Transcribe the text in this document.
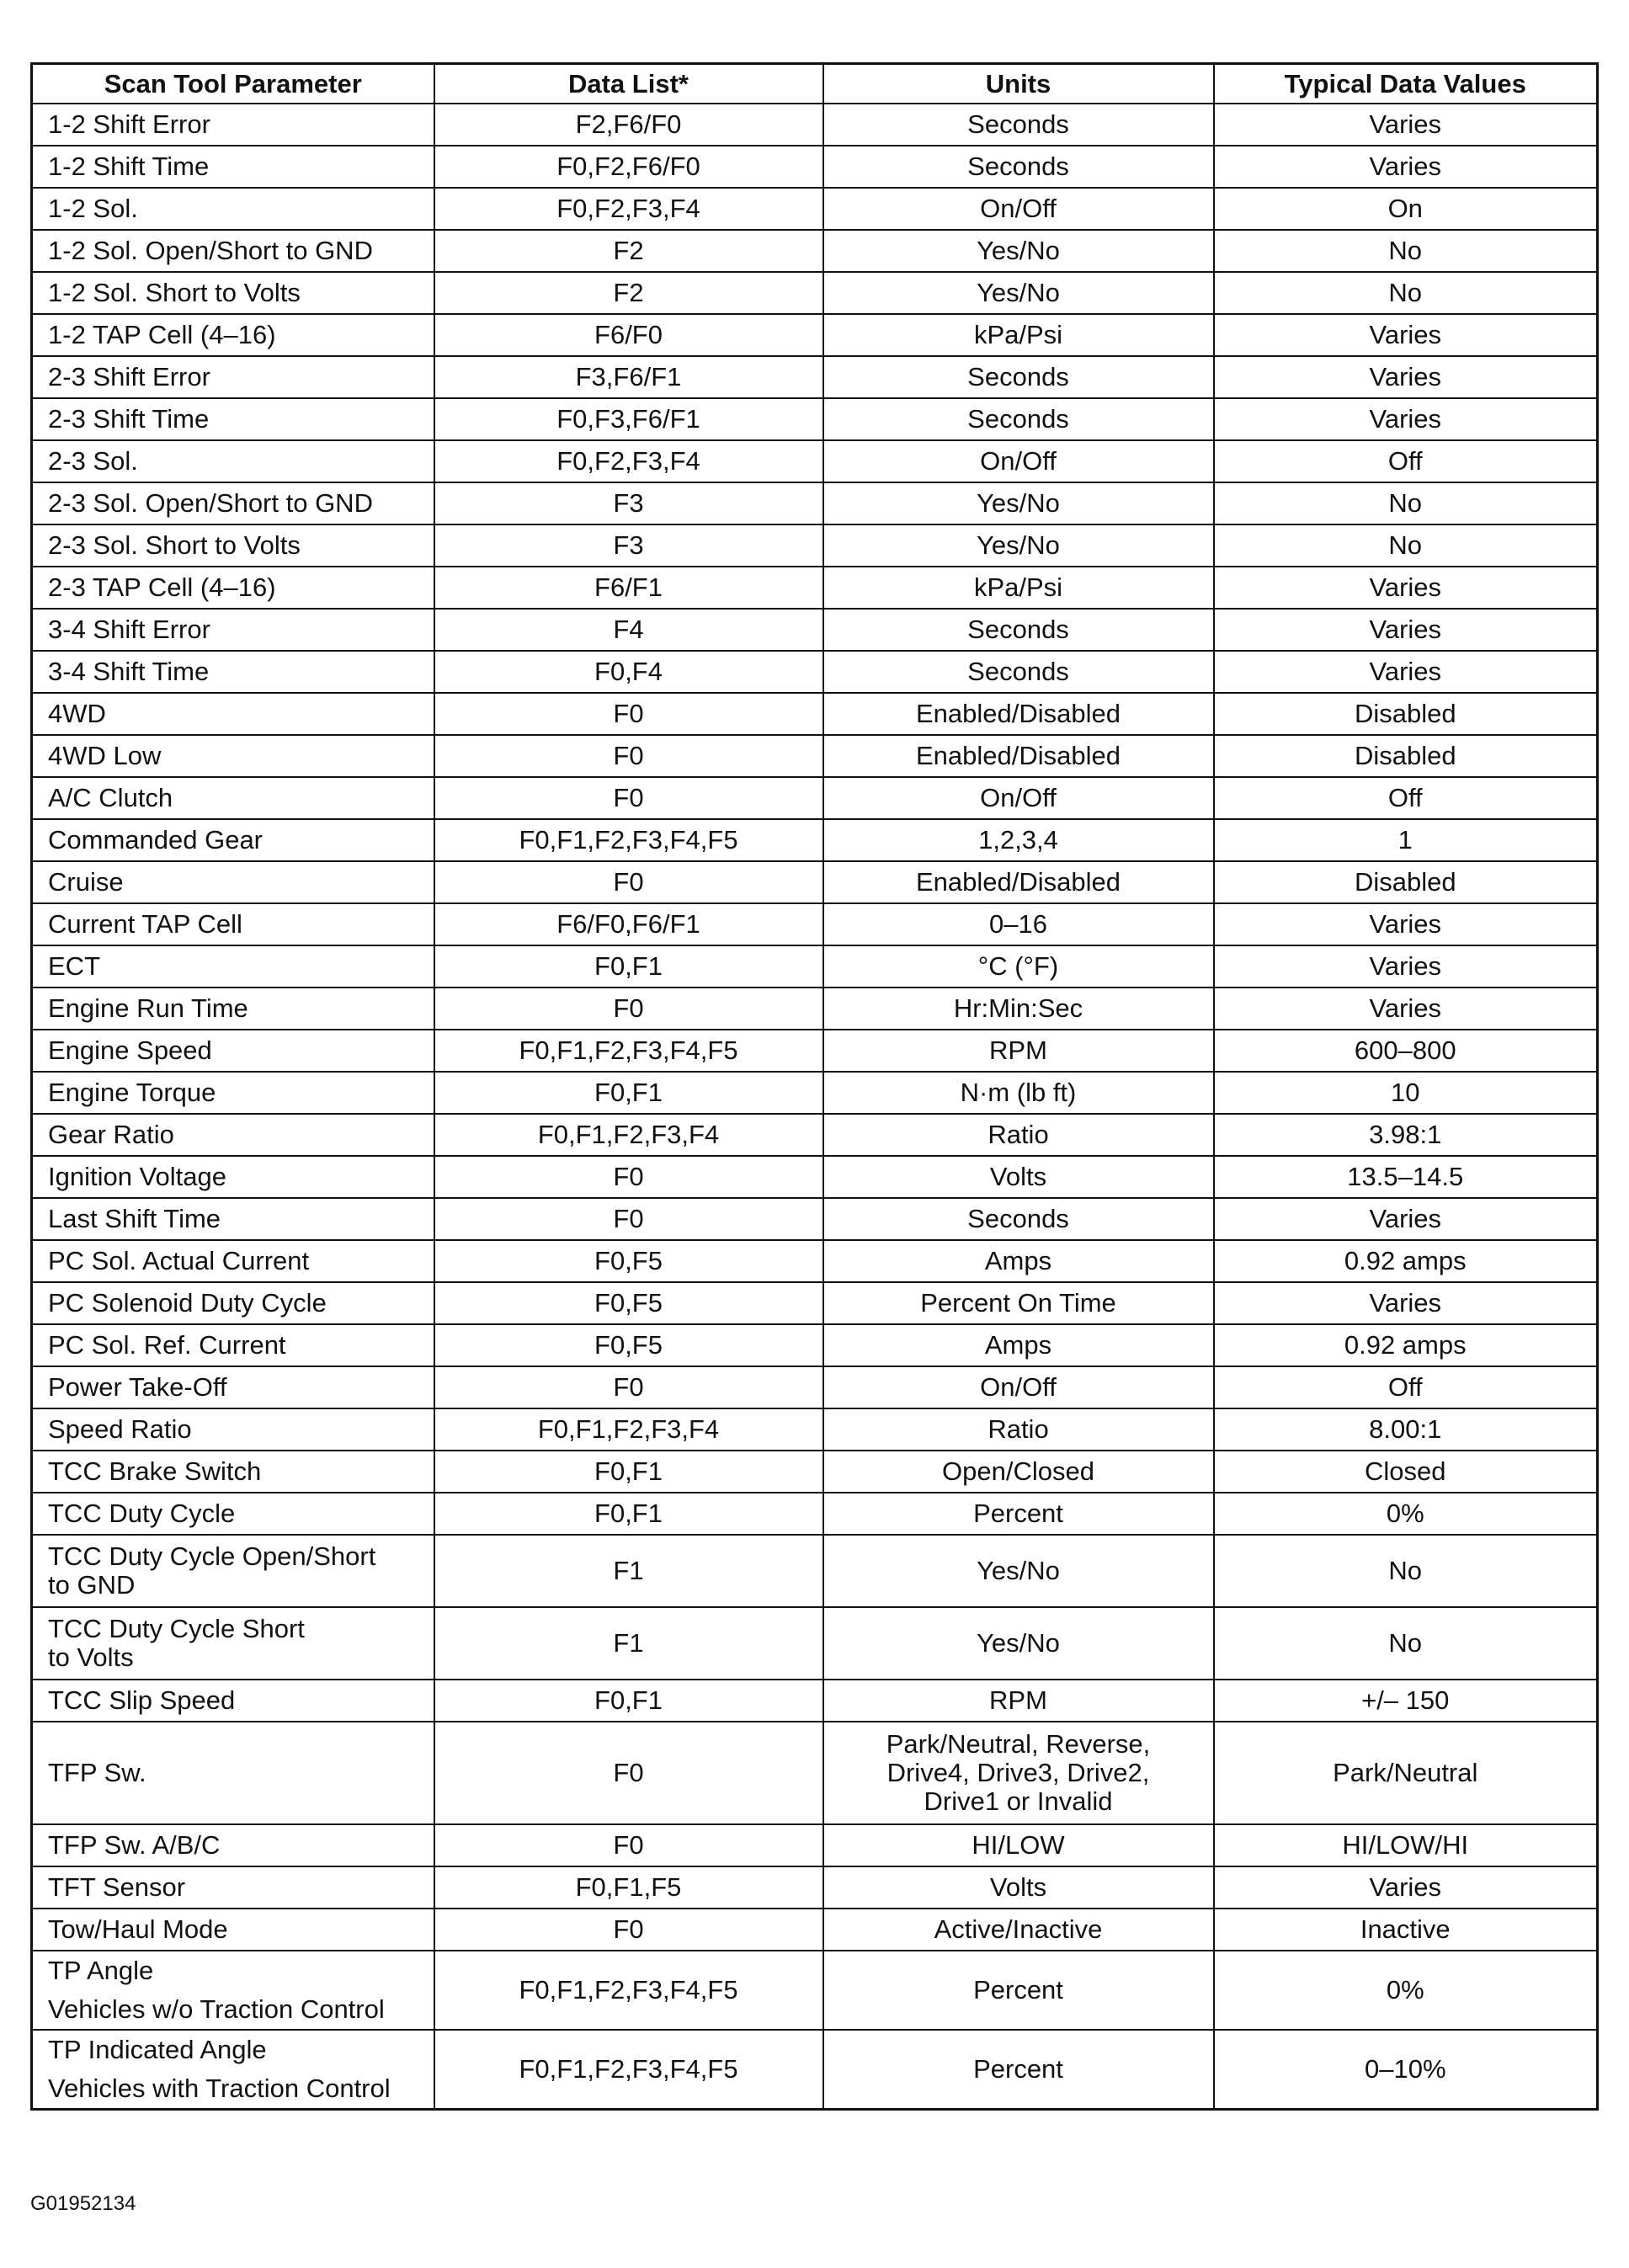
Scan Tool Parameter	Data List*	Units	Typical Data Values

1-2 Shift Error	F2,F6/F0	Seconds	Varies

1-2 Shift Time	F0,F2,F6/F0	Seconds	Varies

1-2 Sol.	F0,F2,F3,F4	On/Off	On

1-2 Sol. Open/Short to GND	F2	Yes/No	No

1-2 Sol. Short to Volts	F2	Yes/No	No

1-2 TAP Cell (4–16)	F6/F0	kPa/Psi	Varies

2-3 Shift Error	F3,F6/F1	Seconds	Varies

2-3 Shift Time	F0,F3,F6/F1	Seconds	Varies

2-3 Sol.	F0,F2,F3,F4	On/Off	Off

2-3 Sol. Open/Short to GND	F3	Yes/No	No

2-3 Sol. Short to Volts	F3	Yes/No	No

2-3 TAP Cell (4–16)	F6/F1	kPa/Psi	Varies

3-4 Shift Error	F4	Seconds	Varies

3-4 Shift Time	F0,F4	Seconds	Varies

4WD	F0	Enabled/Disabled	Disabled

4WD Low	F0	Enabled/Disabled	Disabled

A/C Clutch	F0	On/Off	Off

Commanded Gear	F0,F1,F2,F3,F4,F5	1,2,3,4	1

Cruise	F0	Enabled/Disabled	Disabled

Current TAP Cell	F6/F0,F6/F1	0–16	Varies

ECT	F0,F1	°C (°F)	Varies

Engine Run Time	F0	Hr:Min:Sec	Varies

Engine Speed	F0,F1,F2,F3,F4,F5	RPM	600–800

Engine Torque	F0,F1	N·m (lb ft)	10

Gear Ratio	F0,F1,F2,F3,F4	Ratio	3.98:1

Ignition Voltage	F0	Volts	13.5–14.5

Last Shift Time	F0	Seconds	Varies

PC Sol. Actual Current	F0,F5	Amps	0.92 amps

PC Solenoid Duty Cycle	F0,F5	Percent On Time	Varies

PC Sol. Ref. Current	F0,F5	Amps	0.92 amps

Power Take-Off	F0	On/Off	Off

Speed Ratio	F0,F1,F2,F3,F4	Ratio	8.00:1

TCC Brake Switch	F0,F1	Open/Closed	Closed

TCC Duty Cycle	F0,F1	Percent	0%

TCC Duty Cycle Open/Short
to GND	F1	Yes/No	No

TCC Duty Cycle Short
to Volts	F1	Yes/No	No

TCC Slip Speed	F0,F1	RPM	+/– 150

TFP Sw.	F0	Park/Neutral, Reverse,
Drive4, Drive3, Drive2,
Drive1 or Invalid	Park/Neutral

TFP Sw. A/B/C	F0	HI/LOW	HI/LOW/HI

TFT Sensor	F0,F1,F5	Volts	Varies

Tow/Haul Mode	F0	Active/Inactive	Inactive

TP Angle
Vehicles w/o Traction Control	F0,F1,F2,F3,F4,F5	Percent	0%

TP Indicated Angle
Vehicles with Traction Control	F0,F1,F2,F3,F4,F5	Percent	0–10%
G01952134
